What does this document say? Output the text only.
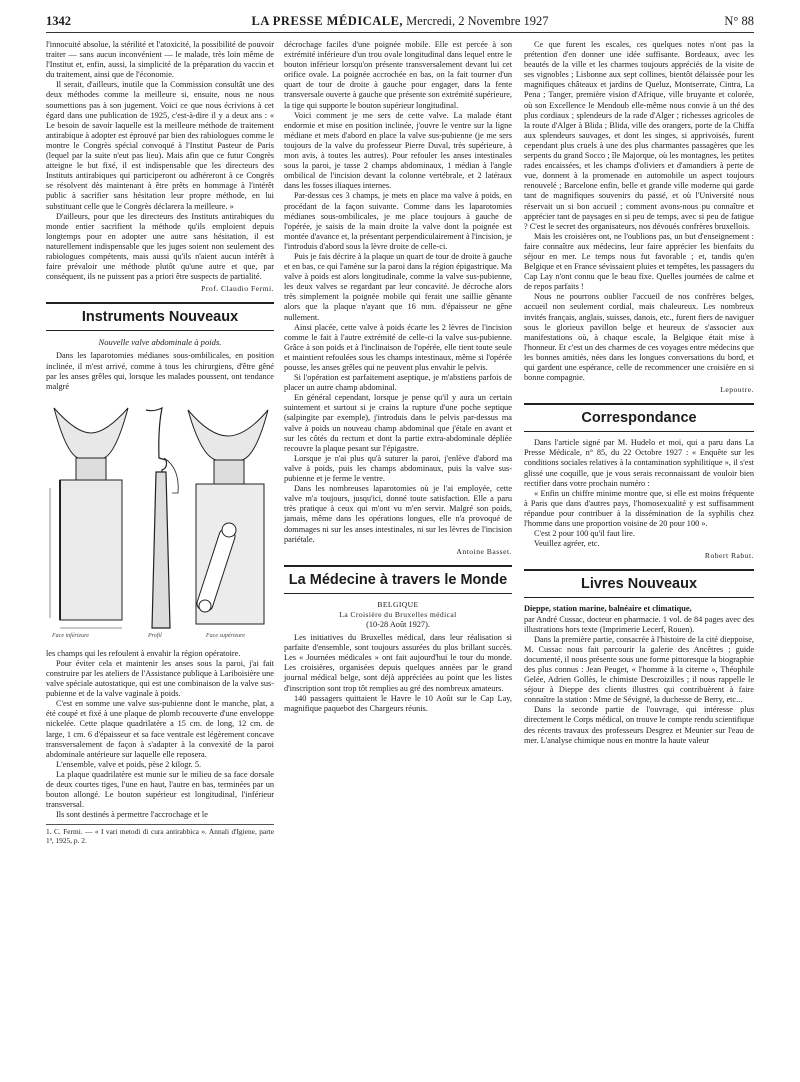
1342	LA PRESSE MÉDICALE, Mercredi, 2 Novembre 1927	N° 88

l'innocuité absolue, la stérilité et l'atoxicité, la possibilité de pouvoir traiter — sans aucun inconvénient — le malade, très loin même de l'Institut et, enfin, aussi, la simplicité de la préparation du vaccin et du traitement, ainsi que de l'économie.

Il serait, d'ailleurs, inutile que la Commission consultât une des deux méthodes comme la meilleure si, ensuite, nous ne nous soumettions pas à son jugement. Voici ce que nous écrivions à cet égard dans une publication de 1925, c'est-à-dire il y a deux ans : « Le besoin de savoir laquelle est la meilleure méthode de traitement antirabique à adopter est éprouvé par bien des rabiologues comme le montre le Congrès spécial convoqué à l'Institut Pasteur de Paris (lequel par la suite n'eut pas lieu). Mais afin que ce futur Congrès atteigne le but fixé, il est indispensable que les directeurs des Instituts antirabiques qui participeront ou adhéreront à ce Congrès se résolvent dès maintenant à être prêts en hommage à l'intérêt public à sacrifier sans hésitation leur propre méthode, en lui substituant celle que le Congrès déclarera la meilleure. »

D'ailleurs, pour que les directeurs des Instituts antirabiques du monde entier sacrifient la méthode qu'ils emploient depuis longtemps pour en adopter une autre sans hésitation, il est naturellement indispensable que les juges soient non seulement des rabiologues compétents, mais aussi qu'ils n'aient aucun intérêt à faire prévaloir une méthode plutôt qu'une autre et que, par conséquent, ils ne puissent pas a priori être suspects de partialité.

Prof. Claudio Fermi.
Instruments Nouveaux
Nouvelle valve abdominale à poids.

Dans les laparotomies médianes sous-ombilicales, en position inclinée, il m'est arrivé, comme à tous les chirurgiens, d'être gêné par les anses grêles qui, lorsque les malades poussent, ont tendance malgré

Face inférieure	Profil	Face supérieure

les champs qui les refoulent à envahir la région opératoire.

Pour éviter cela et maintenir les anses sous la paroi, j'ai fait construire par les ateliers de l'Assistance publique à Lariboisière une valve spéciale autostatique, qui est une combinaison de la valve sus-pubienne et de la valve vaginale à poids.

C'est en somme une valve sus-pubienne dont le manche, plat, a été coupé et fixé à une plaque de plomb recouverte d'une enveloppe nickelée. Cette plaque quadrilatère a 15 cm. de long, 12 cm. de large, 1 cm. 6 d'épaisseur et sa face ventrale est légèrement concave transversalement de façon à s'adapter à la convexité de la paroi abdominale antérieure sur laquelle elle reposera.

L'ensemble, valve et poids, pèse 2 kilogr. 5.

La plaque quadrilatère est munie sur le milieu de sa face dorsale de deux courtes tiges, l'une en haut, l'autre en bas, terminées par un bouton allongé. Le bouton supérieur est longitudinal, l'inférieur transversal.

Ils sont destinés à permettre l'accrochage et le

1. C. Fermi. — « I vari metodi di cura antirabbica ». Annali d'Igiene, parte 1ª, 1925, p. 2.

décrochage faciles d'une poignée mobile. Elle est percée à son extrémité inférieure d'un trou ovale longitudinal dans lequel entre le bouton inférieur lorsqu'on présente transversalement devant lui cet orifice ovale. La poignée accrochée en bas, on la fait tourner d'un quart de tour de droite à gauche pour engager, dans la fente transversale ouverte à gauche que présente son extrémité supérieure, la tige qui supporte le bouton supérieur longitudinal.

Voici comment je me sers de cette valve. La malade étant endormie et mise en position inclinée, j'ouvre le ventre sur la ligne médiane et mets d'abord en place la valve sus-pubienne (je me sers toujours de la valve du professeur Pierre Duval, très supérieure, à mon avis, à toutes les autres). Pour refouler les anses intestinales sous la paroi, je tasse 2 champs abdominaux, 1 médian à l'angle ombilical de l'incision devant la colonne vertébrale, et 2 latéraux dans les fosses iliaques internes.

Par-dessus ces 3 champs, je mets en place ma valve à poids, en procédant de la façon suivante. Comme dans les laparotomies médianes sous-ombilicales, je me place toujours à gauche de l'opérée, je saisis de la main droite la valve dont la poignée est montée d'avance et, la présentant perpendiculairement à l'incision, je l'introduis d'abord sous la lèvre droite de celle-ci.

Puis je fais décrire à la plaque un quart de tour de droite à gauche et en bas, ce qui l'amène sur la paroi dans la région épigastrique. Ma valve à poids est alors longitudinale, comme la valve sus-pubienne, les deux valves se regardant par leur concavité. Je décroche alors très simplement la poignée mobile qui ferait une saillie gênante alors que la plaque n'ayant que 16 mm. d'épaisseur ne gêne nullement.

Ainsi placée, cette valve à poids écarte les 2 lèvres de l'incision comme le fait à l'autre extrémité de celle-ci la valve sus-pubienne. Grâce à son poids et à l'inclinaison de l'opérée, elle tient toute seule et maintient refoulées sous les champs intestinaux, même si l'opérée pousse, les anses grêles qui ne peuvent plus envahir le pelvis.

Si l'opération est parfaitement aseptique, je m'abstiens parfois de placer un autre champ abdominal.

En général cependant, lorsque je pense qu'il y aura un certain suintement et surtout si je crains la rupture d'une poche septique (salpingite par exemple), j'introduis dans le pelvis par-dessus ma valve à poids un nouveau champ abdominal que j'étale en avant et sur les côtés du rectum et dont la partie extra-abdominale dépliée recouvre la plaque pesant sur l'épigastre.

Lorsque je n'ai plus qu'à suturer la paroi, j'enlève d'abord ma valve à poids, puis les champs abdominaux, puis la valve sus-pubienne et je ferme le ventre.

Dans les nombreuses laparotomies où je l'ai employée, cette valve m'a toujours, jusqu'ici, donné toute satisfaction. Elle a paru très pratique à ceux qui m'ont vu m'en servir. Malgré son poids, jamais, même dans les opérations longues, elle n'a provoqué de dommages ni sur les anses intestinales, ni sur les lèvres de l'incision pariétale.

Antoine Basset.
La Médecine à travers le Monde
BELGIQUE
La Croisière du Bruxelles médical
(10-28 Août 1927).

Les initiatives du Bruxelles médical, dans leur réalisation si parfaite d'ensemble, sont toujours assurées du plus brillant succès. Les « Journées médicales » ont fait aujourd'hui le tour du monde. Les croisières, organisées depuis quelques années par le grand journal médical belge, sont déjà appréciées au point que les listes d'inscription sont trop tôt remplies au gré des nombreux amateurs.

140 passagers quittaient le Havre le 10 Août sur le Cap Lay, magnifique paquebot des Chargeurs réunis.

Ce que furent les escales, ces quelques notes n'ont pas la prétention d'en donner une idée suffisante. Bordeaux, avec les beautés de la ville et les charmes toujours appréciés de la visite de ses vignobles ; Lisbonne aux sept collines, bientôt délaissée pour les magnifiques châteaux et jardins de Queluz, Montserrate, Cintra, La Pena ; Tanger, première vision d'Afrique, ville bruyante et colorée, où son Excellence le Mendoub elle-même nous convie à un thé des plus cordiaux ; splendeurs de la rade d'Alger ; richesses agricoles de la route d'Alger à Blida ; Blida, ville des orangers, porte de la Chiffa aux splendeurs sauvages, et dont les singes, si apprivoisés, furent cependant plus cruels à une des plus charmantes passagères que les serpents du grand Socco ; île Majorque, où les montagnes, les petites rades encaissées, et les champs d'oliviers et d'amandiers à perte de vue, donnent à la promenade en automobile un aspect toujours renouvelé ; Barcelone enfin, belle et grande ville moderne qui garde tant de magnifiques souvenirs du passé, et où l'Université nous réservait un si bon accueil ; comment avons-nous pu connaître et apprécier tant de paysages en si peu de temps, avec si peu de fatigue ? C'est le secret des organisateurs, nos dévoués confrères bruxellois.

Mais les croisières ont, ne l'oublions pas, un but d'enseignement : faire connaître aux médecins, leur faire apprécier les bienfaits du séjour en mer. Le temps nous fut favorable ; et, tandis qu'en Belgique et en France sévissaient pluies et tempêtes, les passagers du Cap Lay n'ont connu que le beau fixe. Quelles journées de calme et de repos parfaits !

Nous ne pourrons oublier l'accueil de nos confrères belges, accueil non seulement cordial, mais chaleureux. Les nombreux invités français, anglais, suisses, danois, etc., furent fiers de naviguer sous le glorieux pavillon belge et heureux de s'associer aux manifestations où, à chaque escale, la Belgique était mise à l'honneur. Et c'est un des charmes de ces voyages entre médecins que les bonnes amitiés, nées dans les longues conversations du bord, et qui gardent une espérance, celle de recommencer une croisière en si bonne compagnie.

Lepoutre.
Correspondance

Dans l'article signé par M. Hudelo et moi, qui a paru dans La Presse Médicale, n° 85, du 22 Octobre 1927 : « Enquête sur les conditions sociales relatives à la contamination syphilitique », il s'est glissé une coquille, que je vous serais reconnaissant de vouloir bien rectifier dans votre prochain numéro :

« Enfin un chiffre minime montre que, si elle est moins fréquente à Paris que dans d'autres pays, l'homosexualité y est suffisamment répandue pour contribuer à la dissémination de la syphilis chez l'homme dans une proportion voisine de 20 pour 100 ».

C'est 2 pour 100 qu'il faut lire.

Veuillez agréer, etc.

Robert Rabut.
Livres Nouveaux

Dieppe, station marine, balnéaire et climatique,

par André Cussac, docteur en pharmacie. 1 vol. de 84 pages avec des illustrations hors texte (Imprimerie Lecerf, Rouen).

Dans la première partie, consacrée à l'histoire de la cité dieppoise, M. Cussac nous fait parcourir la galerie des Ancêtres ; guide documenté, il nous présente sous une forme pittoresque la biographie des plus connus : Jean Peuget, « l'homme à la citerne », Théophile Gelée, Adrien Gollès, le chimiste Descroizilles ; il nous rappelle le séjour à Dieppe des clients illustres qui contribuèrent à faire connaître la station : Mme de Sévigné, la duchesse de Berry, etc...

Dans la seconde partie de l'ouvrage, qui intéresse plus directement le Corps médical, on trouve le compte rendu scientifique des récents travaux des professeurs Desgrez et Meunier sur l'eau de mer. L'analyse chimique nous en montre la haute valeur
